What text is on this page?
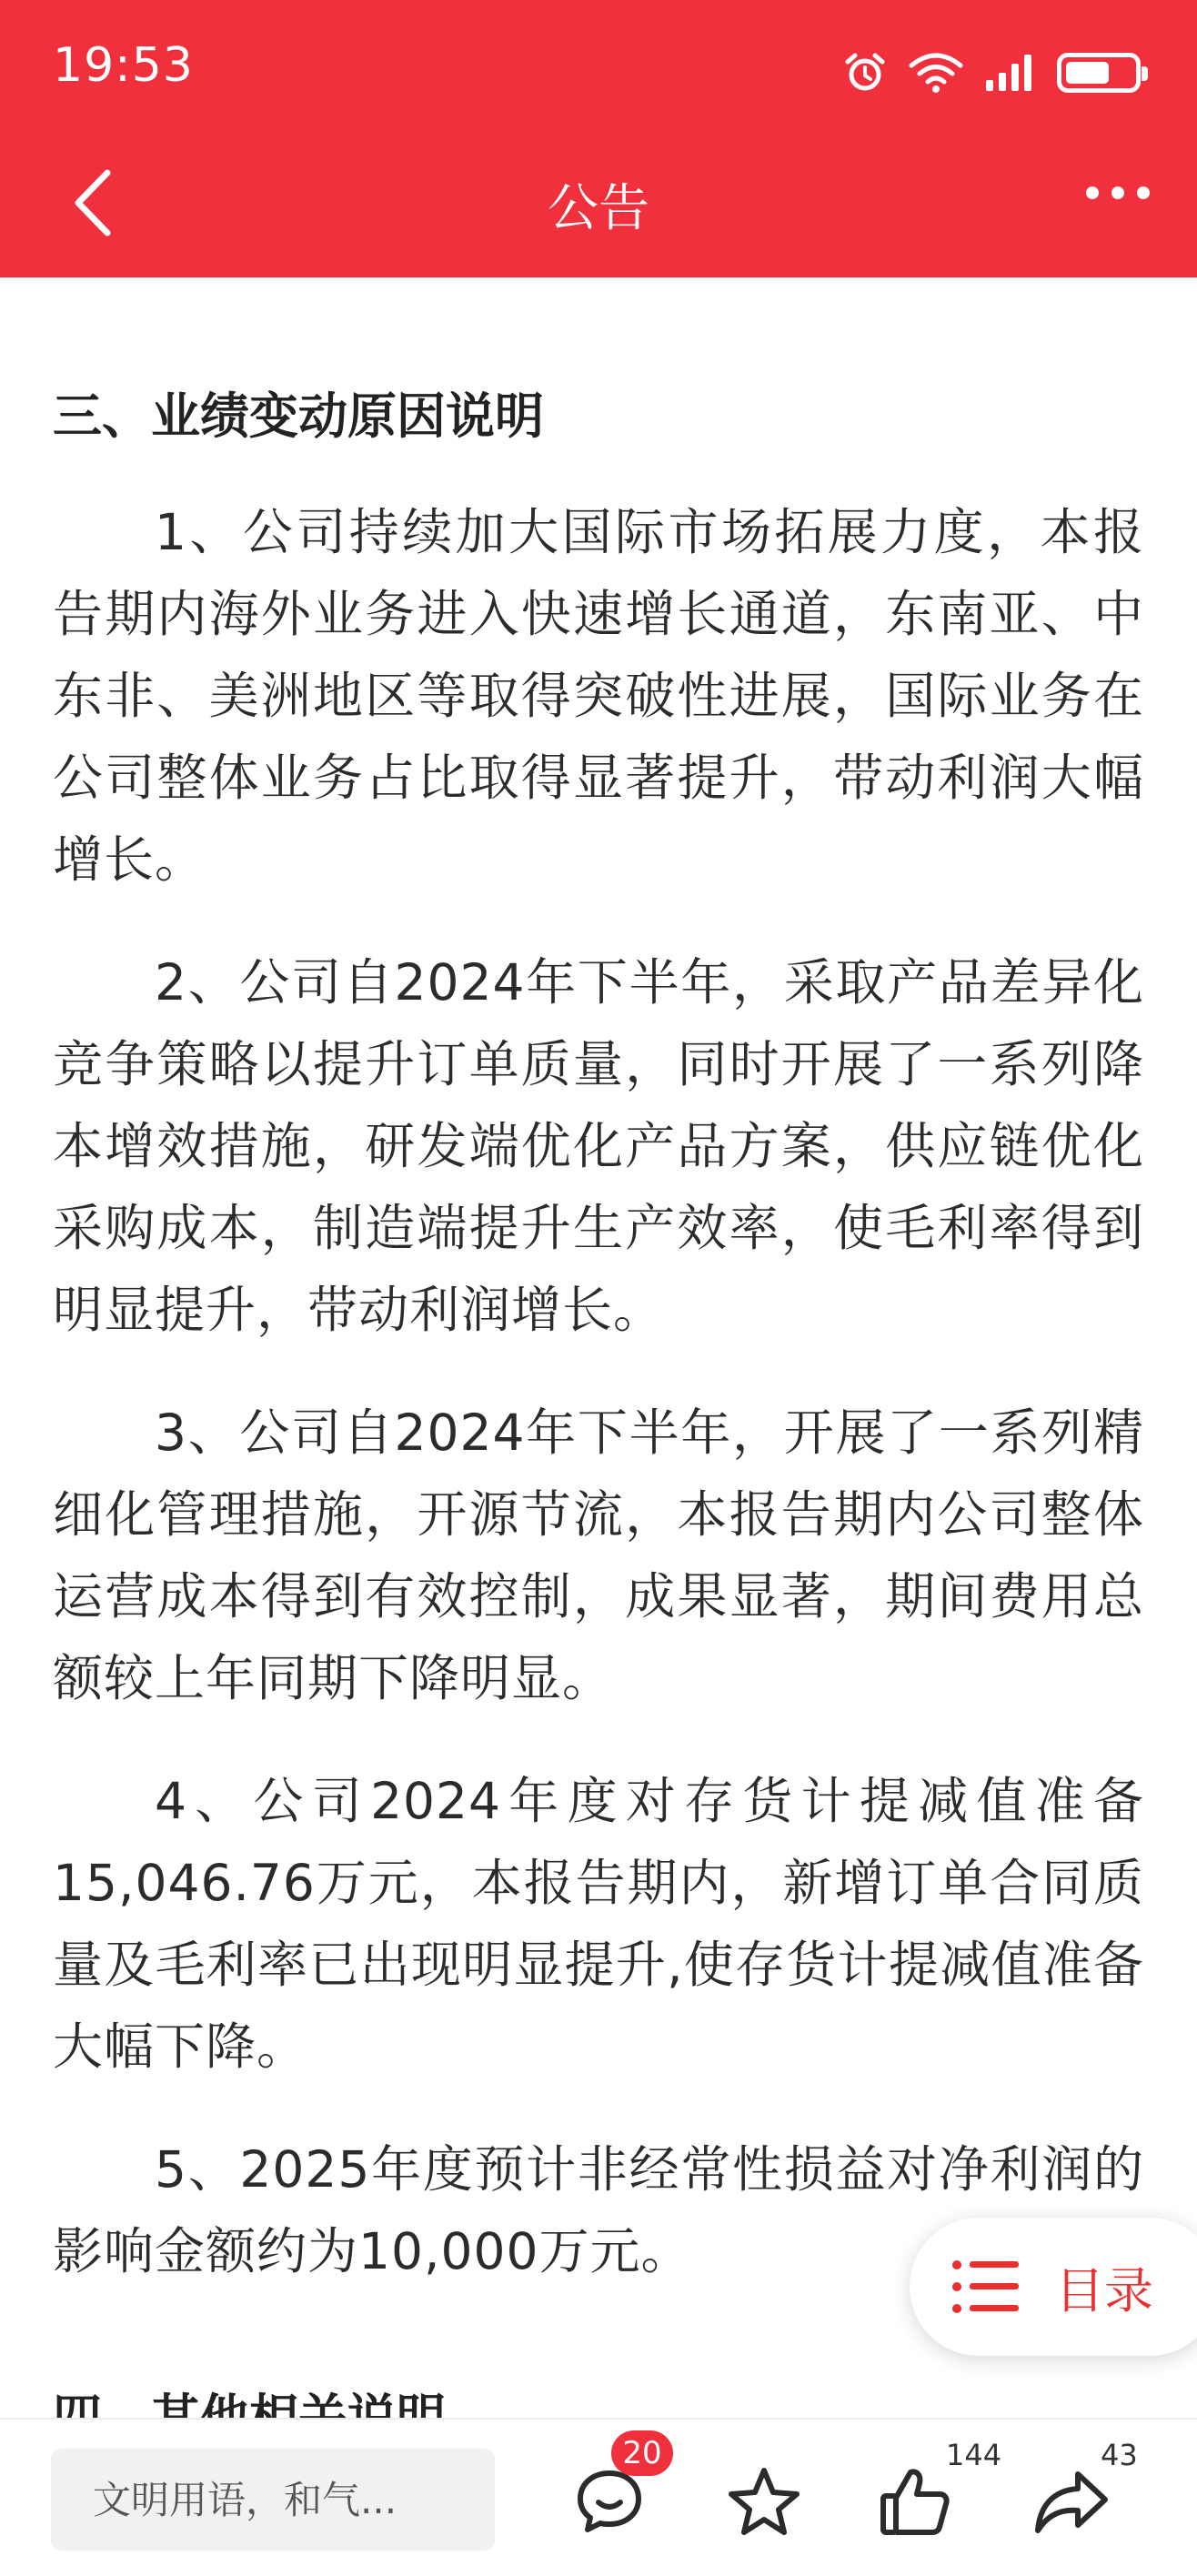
19:53
公告
三、业绩变动原因说明

1、公司持续加大国际市场拓展力度，本报告期内海外业务进入快速增长通道，东南亚、中东非、美洲地区等取得突破性进展，国际业务在公司整体业务占比取得显著提升，带动利润大幅增长。

2、公司自2024年下半年，采取产品差异化竞争策略以提升订单质量，同时开展了一系列降本增效措施，研发端优化产品方案，供应链优化采购成本，制造端提升生产效率，使毛利率得到明显提升，带动利润增长。

3、公司自2024年下半年，开展了一系列精细化管理措施，开源节流，本报告期内公司整体运营成本得到有效控制，成果显著，期间费用总额较上年同期下降明显。

4、公司2024年度对存货计提减值准备15,046.76万元，本报告期内，新增订单合同质量及毛利率已出现明显提升,使存货计提减值准备大幅下降。

5、2025年度预计非经常性损益对净利润的影响金额约为10,000万元。

目录
文明用语，和气...
20	144	43
